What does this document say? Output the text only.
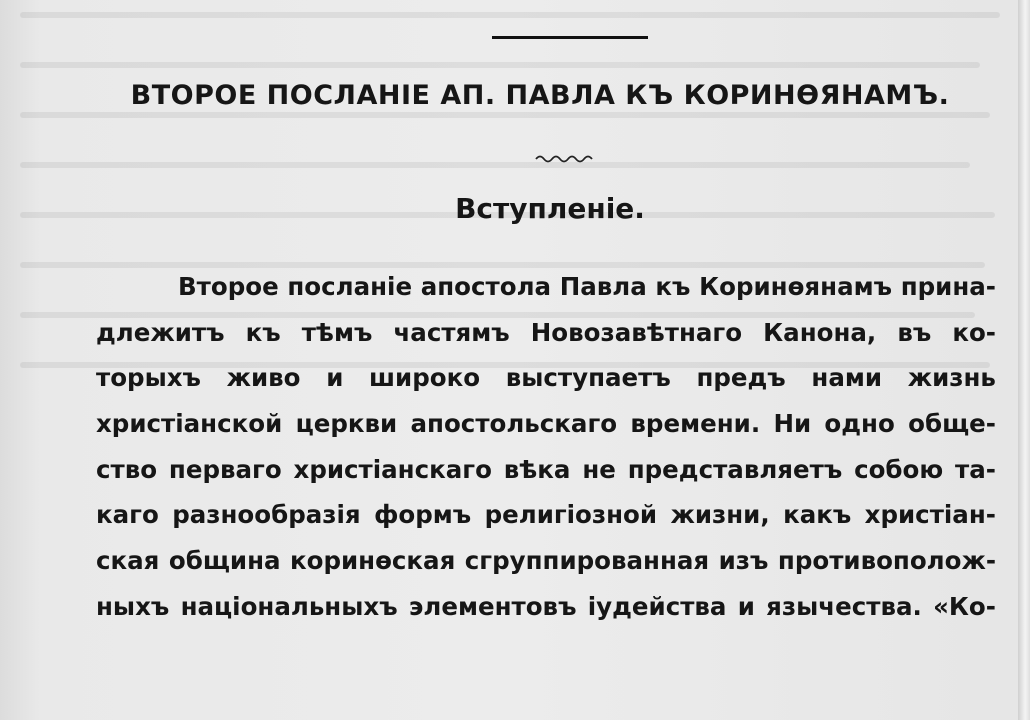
ВТОРОЕ ПОСЛАНІЕ АП. ПАВЛА КЪ КОРИНѲЯНАМЪ.
Вступленіе.
Второе посланіе апостола Павла къ Коринѳянамъ прина-
длежитъ къ тѣмъ частямъ Новозавѣтнаго Канона, въ ко-
торыхъ живо и широко выступаетъ предъ нами жизнь
христіанской церкви апостольскаго времени. Ни одно обще-
ство перваго христіанскаго вѣка не представляетъ собою та-
каго разнообразія формъ религіозной жизни, какъ христіан-
ская община коринѳская сгруппированная изъ противополож-
ныхъ національныхъ элементовъ іудейства и язычества. «Ко-
